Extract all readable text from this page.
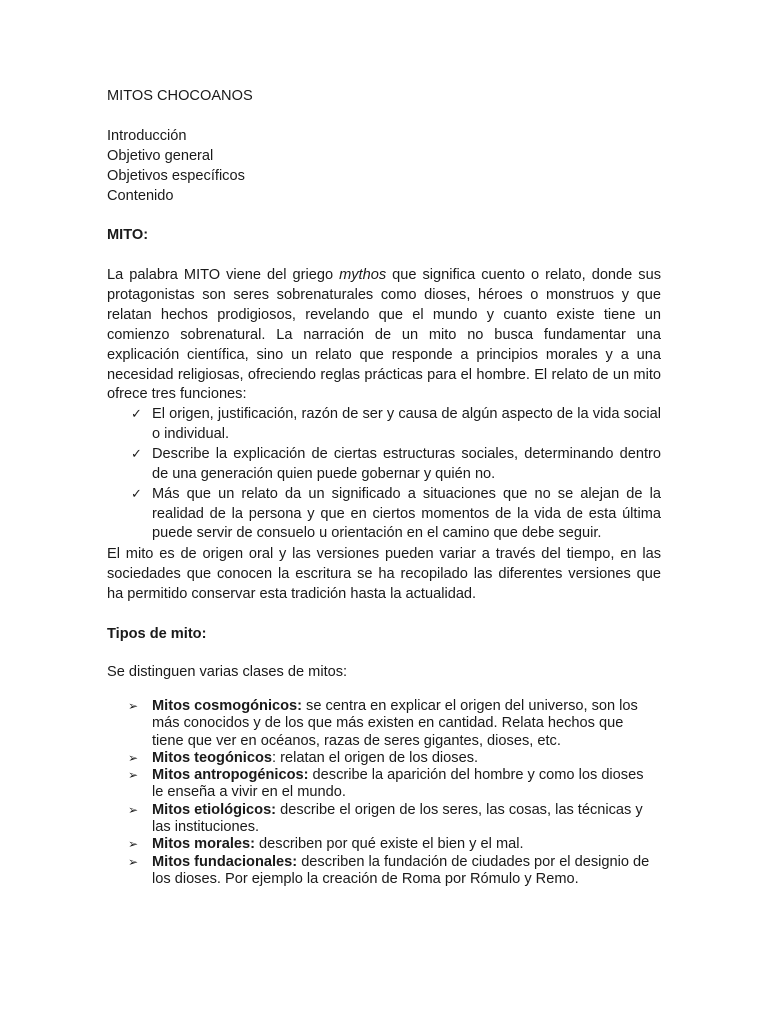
MITOS CHOCOANOS

Introducción

Objetivo general

Objetivos específicos

Contenido

MITO:

La palabra MITO viene del griego mythos que significa cuento o relato, donde sus protagonistas son seres sobrenaturales como dioses, héroes o monstruos y que relatan hechos prodigiosos, revelando que el mundo y cuanto existe tiene un comienzo sobrenatural. La narración de un mito no busca fundamentar una explicación científica, sino un relato que responde a principios morales y a una necesidad religiosas, ofreciendo reglas prácticas para el hombre. El relato de un mito ofrece tres funciones:

✓ El origen, justificación, razón de ser y causa de algún aspecto de la vida social o individual.
✓ Describe la explicación de ciertas estructuras sociales, determinando dentro de una generación quien puede gobernar y quién no.
✓ Más que un relato da un significado a situaciones que no se alejan de la realidad de la persona y que en ciertos momentos de la vida de esta última puede servir de consuelo u orientación en el camino que debe seguir.

El mito es de origen oral y las versiones pueden variar a través del tiempo, en las sociedades que conocen la escritura se ha recopilado las diferentes versiones que ha permitido conservar esta tradición hasta la actualidad.

Tipos de mito:

Se distinguen varias clases de mitos:

➢ Mitos cosmogónicos: se centra en explicar el origen del universo, son los más conocidos y de los que más existen en cantidad. Relata hechos que tiene que ver en océanos, razas de seres gigantes, dioses, etc.
➢ Mitos teogónicos: relatan el origen de los dioses.
➢ Mitos antropogénicos: describe la aparición del hombre y como los dioses le enseña a vivir en el mundo.
➢ Mitos etiológicos: describe el origen de los seres, las cosas, las técnicas y las instituciones.
➢ Mitos morales: describen por qué existe el bien y el mal.
➢ Mitos fundacionales: describen la fundación de ciudades por el designio de los dioses. Por ejemplo la creación de Roma por Rómulo y Remo.
